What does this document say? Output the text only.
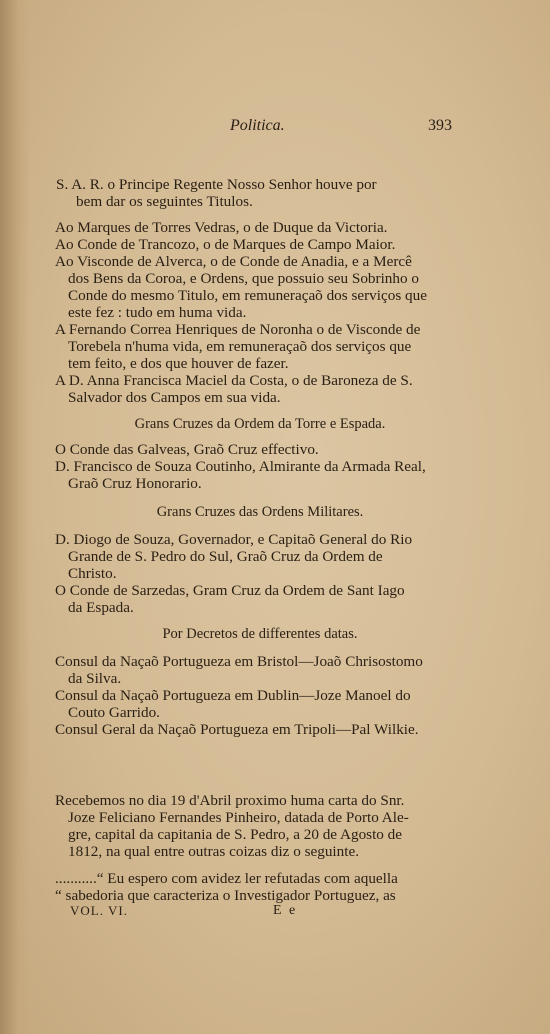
Politica.	393
S. A. R. o Principe Regente Nosso Senhor houve por
bem dar os seguintes Titulos.
Ao Marques de Torres Vedras, o de Duque da Victoria.
Ao Conde de Trancozo, o de Marques de Campo Maior.
Ao Visconde de Alverca, o de Conde de Anadia, e a Mercê
dos Bens da Coroa, e Ordens, que possuio seu Sobrinho o
Conde do mesmo Titulo, em remuneraçaõ dos serviços que
este fez : tudo em huma vida.
A Fernando Correa Henriques de Noronha o de Visconde de
Torebela n'huma vida, em remuneraçaõ dos serviços que
tem feito, e dos que houver de fazer.
A D. Anna Francisca Maciel da Costa, o de Baroneza de S.
Salvador dos Campos em sua vida.
Grans Cruzes da Ordem da Torre e Espada.
O Conde das Galveas, Graõ Cruz effectivo.
D. Francisco de Souza Coutinho, Almirante da Armada Real,
Graõ Cruz Honorario.
Grans Cruzes das Ordens Militares.
D. Diogo de Souza, Governador, e Capitaõ General do Rio
Grande de S. Pedro do Sul, Graõ Cruz da Ordem de
Christo.
O Conde de Sarzedas, Gram Cruz da Ordem de Sant Iago
da Espada.
Por Decretos de differentes datas.
Consul da Naçaõ Portugueza em Bristol—Joaõ Chrisostomo
da Silva.
Consul da Naçaõ Portugueza em Dublin—Joze Manoel do
Couto Garrido.
Consul Geral da Naçaõ Portugueza em Tripoli—Pal Wilkie.
Recebemos no dia 19 d'Abril proximo huma carta do Snr.
Joze Feliciano Fernandes Pinheiro, datada de Porto Ale-
gre, capital da capitania de S. Pedro, a 20 de Agosto de
1812, na qual entre outras coizas diz o seguinte.
...........“ Eu espero com avidez ler refutadas com aquella
“ sabedoria que caracteriza o Investigador Portuguez, as
VOL. VI.	E e
